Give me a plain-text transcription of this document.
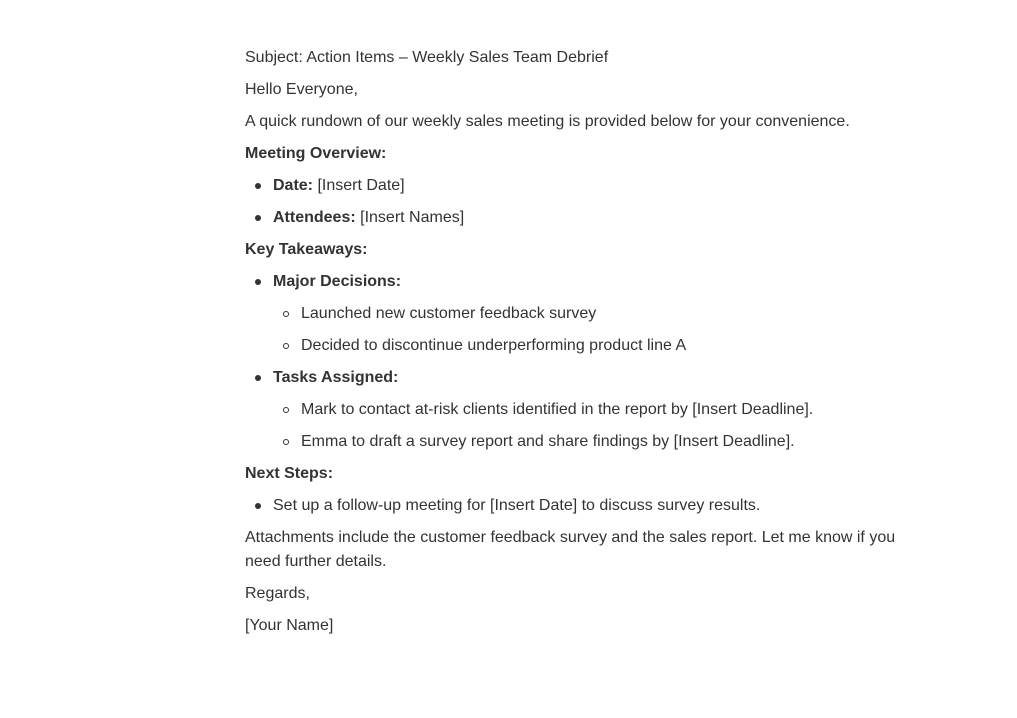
Subject: Action Items – Weekly Sales Team Debrief

Hello Everyone,

A quick rundown of our weekly sales meeting is provided below for your convenience.

Meeting Overview:

Date: [Insert Date]
Attendees: [Insert Names]

Key Takeaways:

Major Decisions:
Launched new customer feedback survey
Decided to discontinue underperforming product line A
Tasks Assigned:
Mark to contact at-risk clients identified in the report by [Insert Deadline].
Emma to draft a survey report and share findings by [Insert Deadline].

Next Steps:

Set up a follow-up meeting for [Insert Date] to discuss survey results.

Attachments include the customer feedback survey and the sales report. Let me know if you need further details.

Regards,

[Your Name]
